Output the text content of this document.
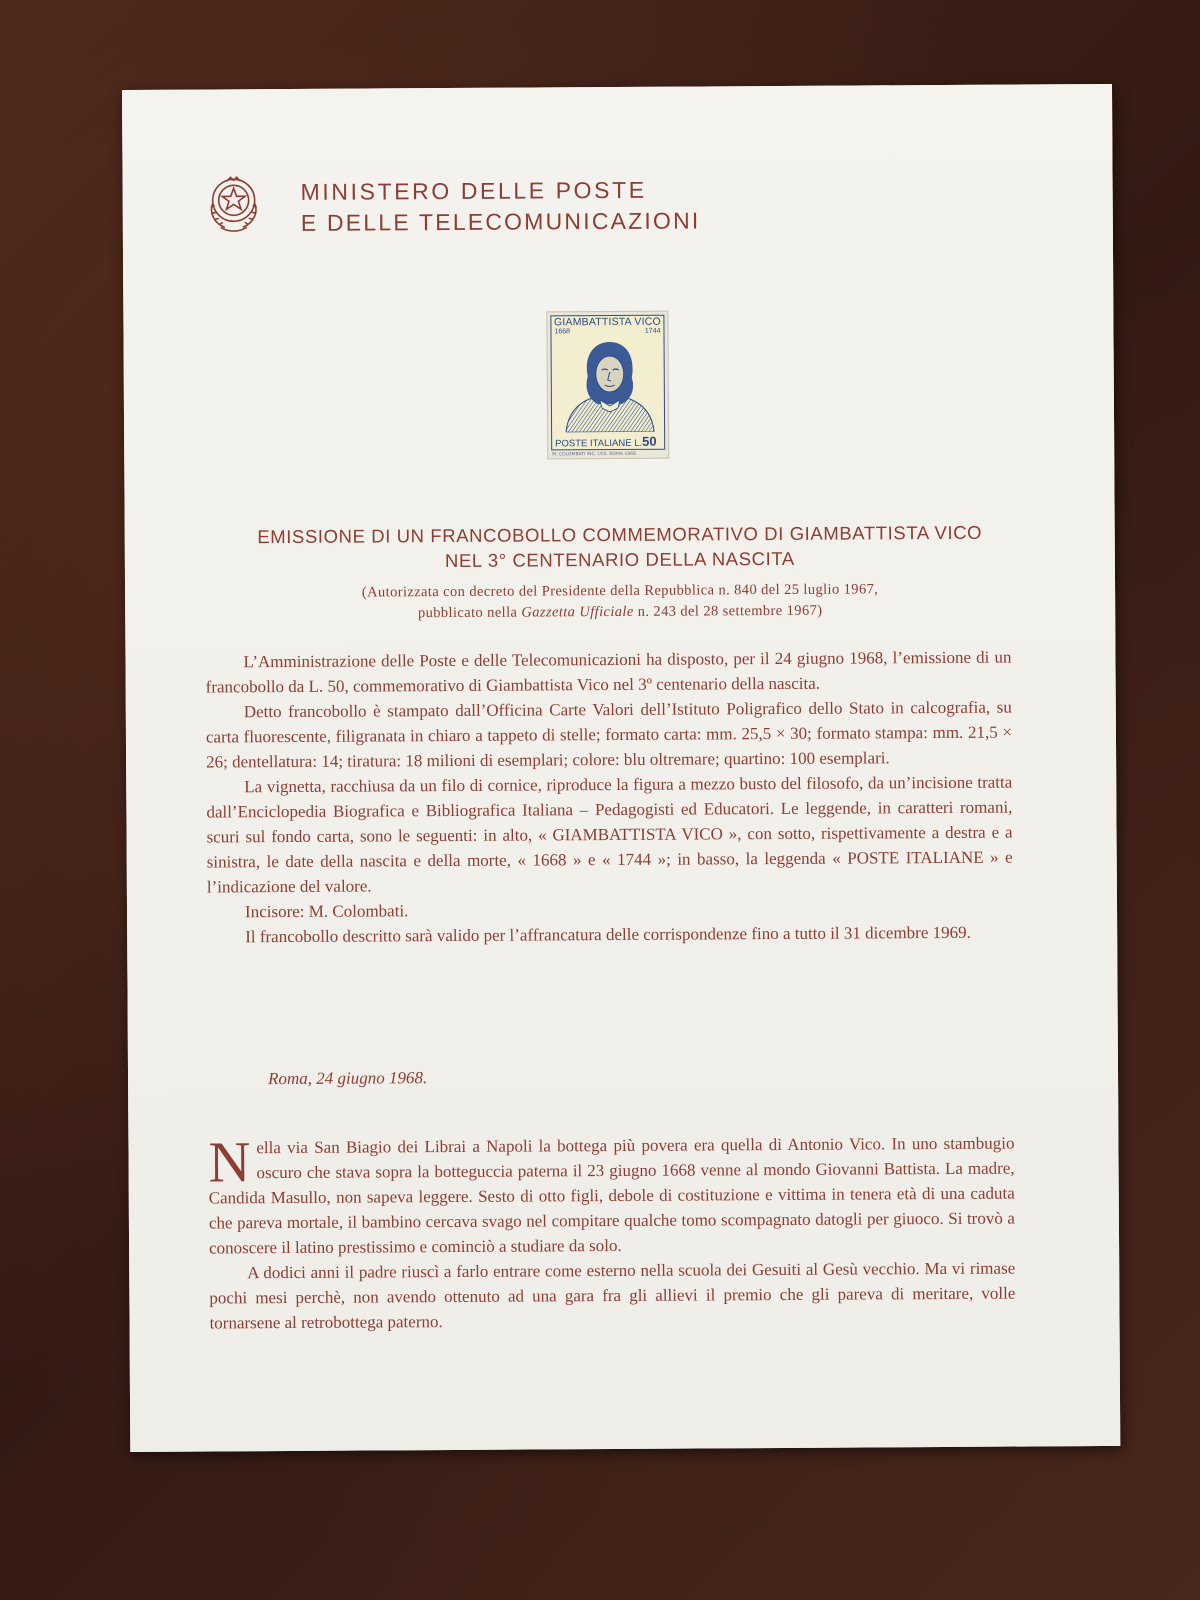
MINISTERO DELLE POSTE
E DELLE TELECOMUNICAZIONI
GIAMBATTISTA VICO
1668	1744
POSTE ITALIANE L.50
M. COLOMBATI INC. I.P.S. ROMA 1968
EMISSIONE DI UN FRANCOBOLLO COMMEMORATIVO DI GIAMBATTISTA VICO
NEL 3° CENTENARIO DELLA NASCITA
(Autorizzata con decreto del Presidente della Repubblica n. 840 del 25 luglio 1967,
pubblicato nella Gazzetta Ufficiale n. 243 del 28 settembre 1967)

L’Amministrazione delle Poste e delle Telecomunicazioni ha disposto, per il 24 giugno 1968, l’emissione di un francobollo da L. 50, commemorativo di Giambattista Vico nel 3º centenario della nascita.

Detto francobollo è stampato dall’Officina Carte Valori dell’Istituto Poligrafico dello Stato in calcografia, su carta fluorescente, filigranata in chiaro a tappeto di stelle; formato carta: mm. 25,5 × 30; formato stampa: mm. 21,5 × 26; dentellatura: 14; tiratura: 18 milioni di esemplari; colore: blu oltremare; quartino: 100 esemplari.

La vignetta, racchiusa da un filo di cornice, riproduce la figura a mezzo busto del filosofo, da un’incisione tratta dall’Enciclopedia Biografica e Bibliografica Italiana – Pedagogisti ed Educatori. Le leggende, in caratteri romani, scuri sul fondo carta, sono le seguenti: in alto, « GIAMBATTISTA VICO », con sotto, rispettivamente a destra e a sinistra, le date della nascita e della morte, « 1668 » e « 1744 »; in basso, la leggenda « POSTE ITALIANE » e l’indicazione del valore.

Incisore: M. Colombati.

Il francobollo descritto sarà valido per l’affrancatura delle corrispondenze fino a tutto il 31 dicembre 1969.

Roma, 24 giugno 1968.

Nella via San Biagio dei Librai a Napoli la bottega più povera era quella di Antonio Vico. In uno stambugio oscuro che stava sopra la botteguccia paterna il 23 giugno 1668 venne al mondo Giovanni Battista. La madre, Candida Masullo, non sapeva leggere. Sesto di otto figli, debole di costituzione e vittima in tenera età di una caduta che pareva mortale, il bambino cercava svago nel compitare qualche tomo scompagnato datogli per giuoco. Si trovò a conoscere il latino prestissimo e cominciò a studiare da solo.

A dodici anni il padre riuscì a farlo entrare come esterno nella scuola dei Gesuiti al Gesù vecchio. Ma vi rimase pochi mesi perchè, non avendo ottenuto ad una gara fra gli allievi il premio che gli pareva di meritare, volle tornarsene al retrobottega paterno.
